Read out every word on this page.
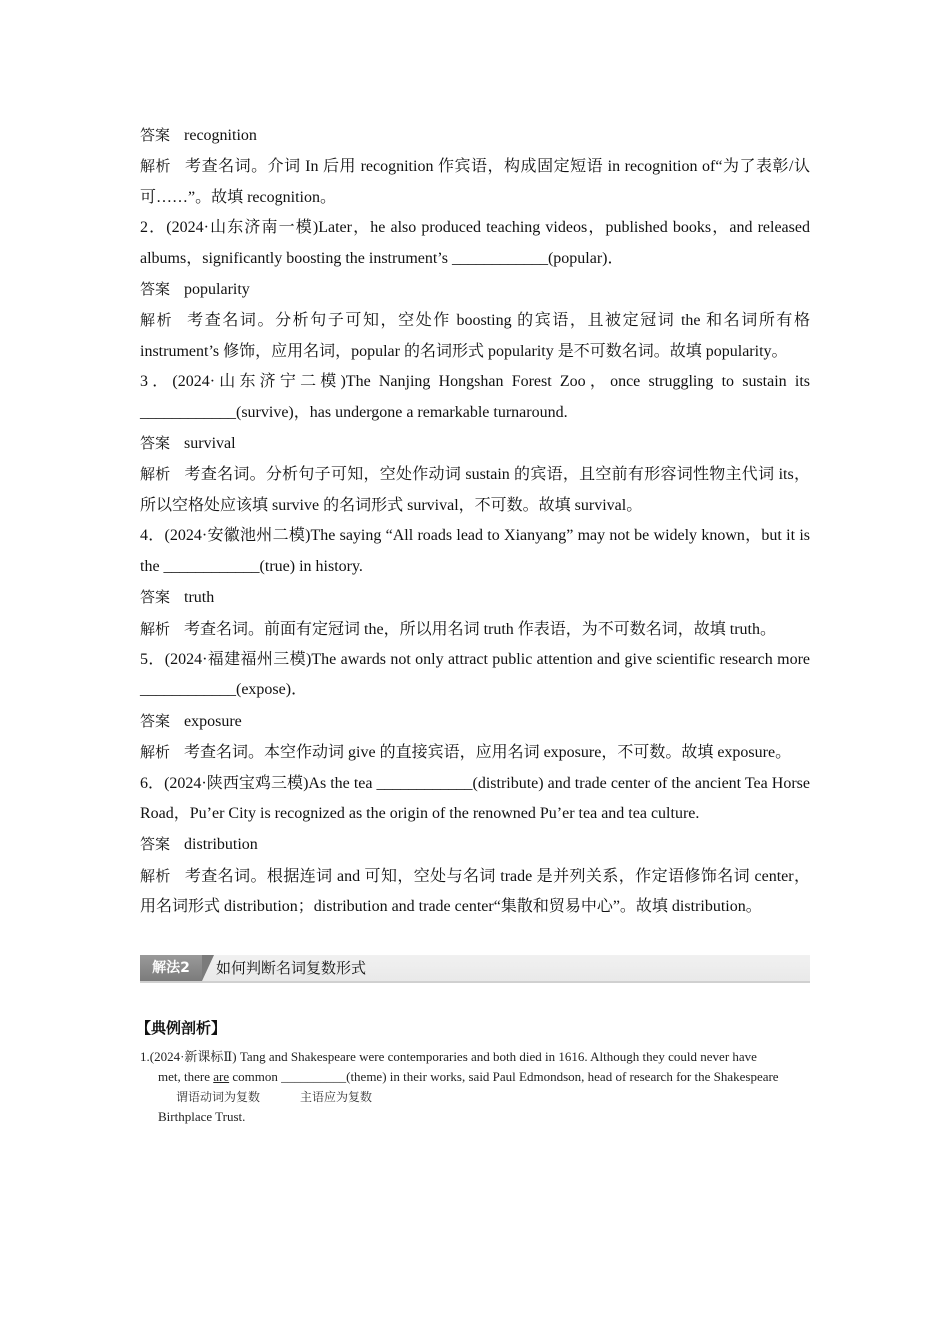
答案 recognition

解析 考查名词。介词 In 后用 recognition 作宾语，构成固定短语 in recognition of“为了表彰/认可……”。故填 recognition。

2．(2024·山东济南一模)Later，he also produced teaching videos，published books，and released albums，significantly boosting the instrument’s ____________(popular)．

答案 popularity

解析 考查名词。分析句子可知，空处作 boosting 的宾语，且被定冠词 the 和名词所有格 instrument’s 修饰，应用名词，popular 的名词形式 popularity 是不可数名词。故填 popularity。

3．(2024·山东济宁二模)The Nanjing Hongshan Forest Zoo，once struggling to sustain its ____________(survive)，has undergone a remarkable turnaround.

答案 survival

解析 考查名词。分析句子可知，空处作动词 sustain 的宾语，且空前有形容词性物主代词 its，所以空格处应该填 survive 的名词形式 survival，不可数。故填 survival。

4．(2024·安徽池州二模)The saying “All roads lead to Xianyang” may not be widely known，but it is the ____________(true) in history.

答案 truth

解析 考查名词。前面有定冠词 the，所以用名词 truth 作表语，为不可数名词，故填 truth。

5．(2024·福建福州三模)The awards not only attract public attention and give scientific research more ____________(expose)．

答案 exposure

解析 考查名词。本空作动词 give 的直接宾语，应用名词 exposure，不可数。故填 exposure。

6．(2024·陕西宝鸡三模)As the tea ____________(distribute) and trade center of the ancient Tea Horse Road，Pu’er City is recognized as the origin of the renowned Pu’er tea and tea culture.

答案 distribution

解析 考查名词。根据连词 and 可知，空处与名词 trade 是并列关系，作定语修饰名词 center，用名词形式 distribution；distribution and trade center“集散和贸易中心”。故填 distribution。

解法2	如何判断名词复数形式
【典例剖析】

1.(2024·新课标Ⅱ) Tang and Shakespeare were contemporaries and both died in 1616. Although they could never have

met, there are common __________(theme) in their works, said Paul Edmondson, head of research for the Shakespeare

谓语动词为复数	主语应为复数

Birthplace Trust.
